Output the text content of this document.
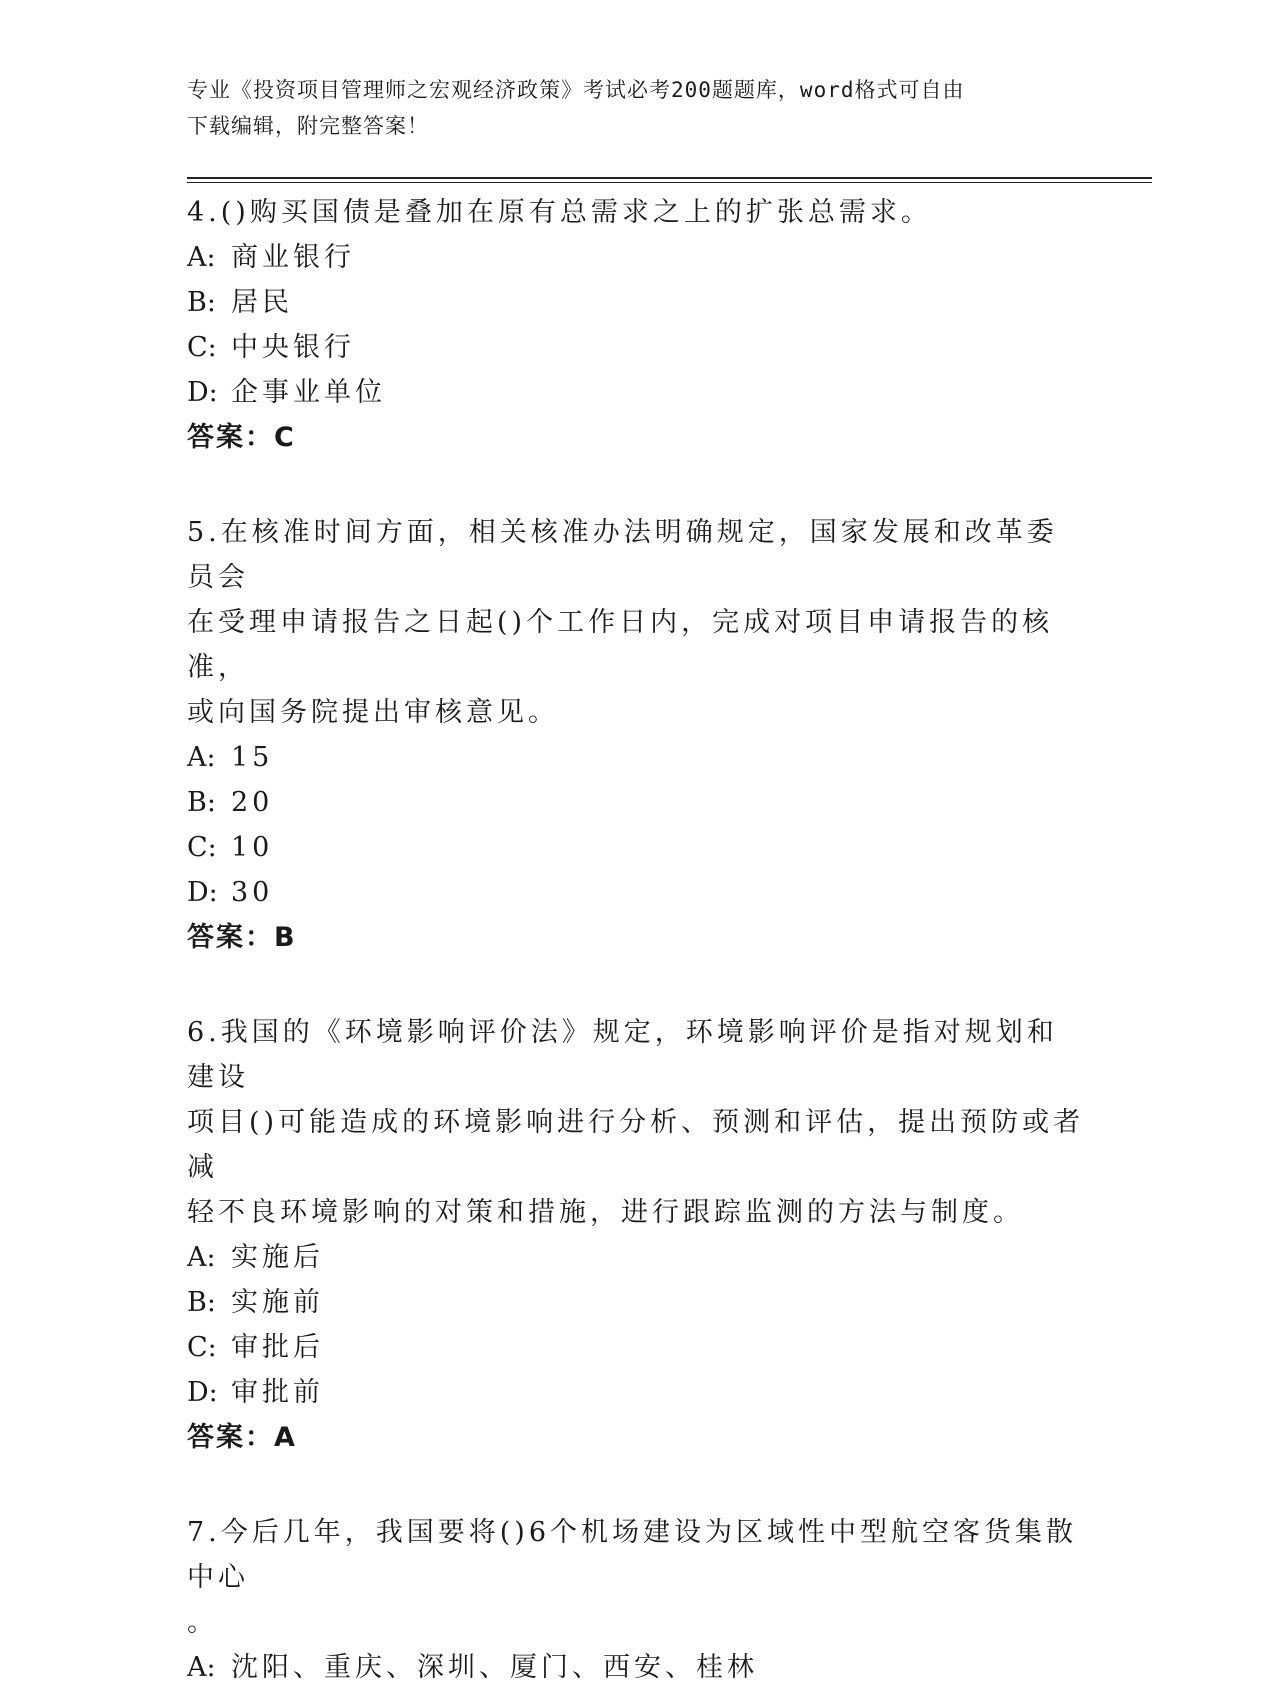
专业《投资项目管理师之宏观经济政策》考试必考200题题库，word格式可自由
下载编辑，附完整答案！
4.()购买国债是叠加在原有总需求之上的扩张总需求。
A: 商业银行
B: 居民
C: 中央银行
D: 企事业单位
答案：C
5.在核准时间方面，相关核准办法明确规定，国家发展和改革委员会
在受理申请报告之日起()个工作日内，完成对项目申请报告的核准，
或向国务院提出审核意见。
A: 15
B: 20
C: 10
D: 30
答案：B
6.我国的《环境影响评价法》规定，环境影响评价是指对规划和建设
项目()可能造成的环境影响进行分析、预测和评估，提出预防或者减
轻不良环境影响的对策和措施，进行跟踪监测的方法与制度。
A: 实施后
B: 实施前
C: 审批后
D: 审批前
答案：A
7.今后几年，我国要将()6个机场建设为区域性中型航空客货集散中心
。
A: 沈阳、重庆、深圳、厦门、西安、桂林
